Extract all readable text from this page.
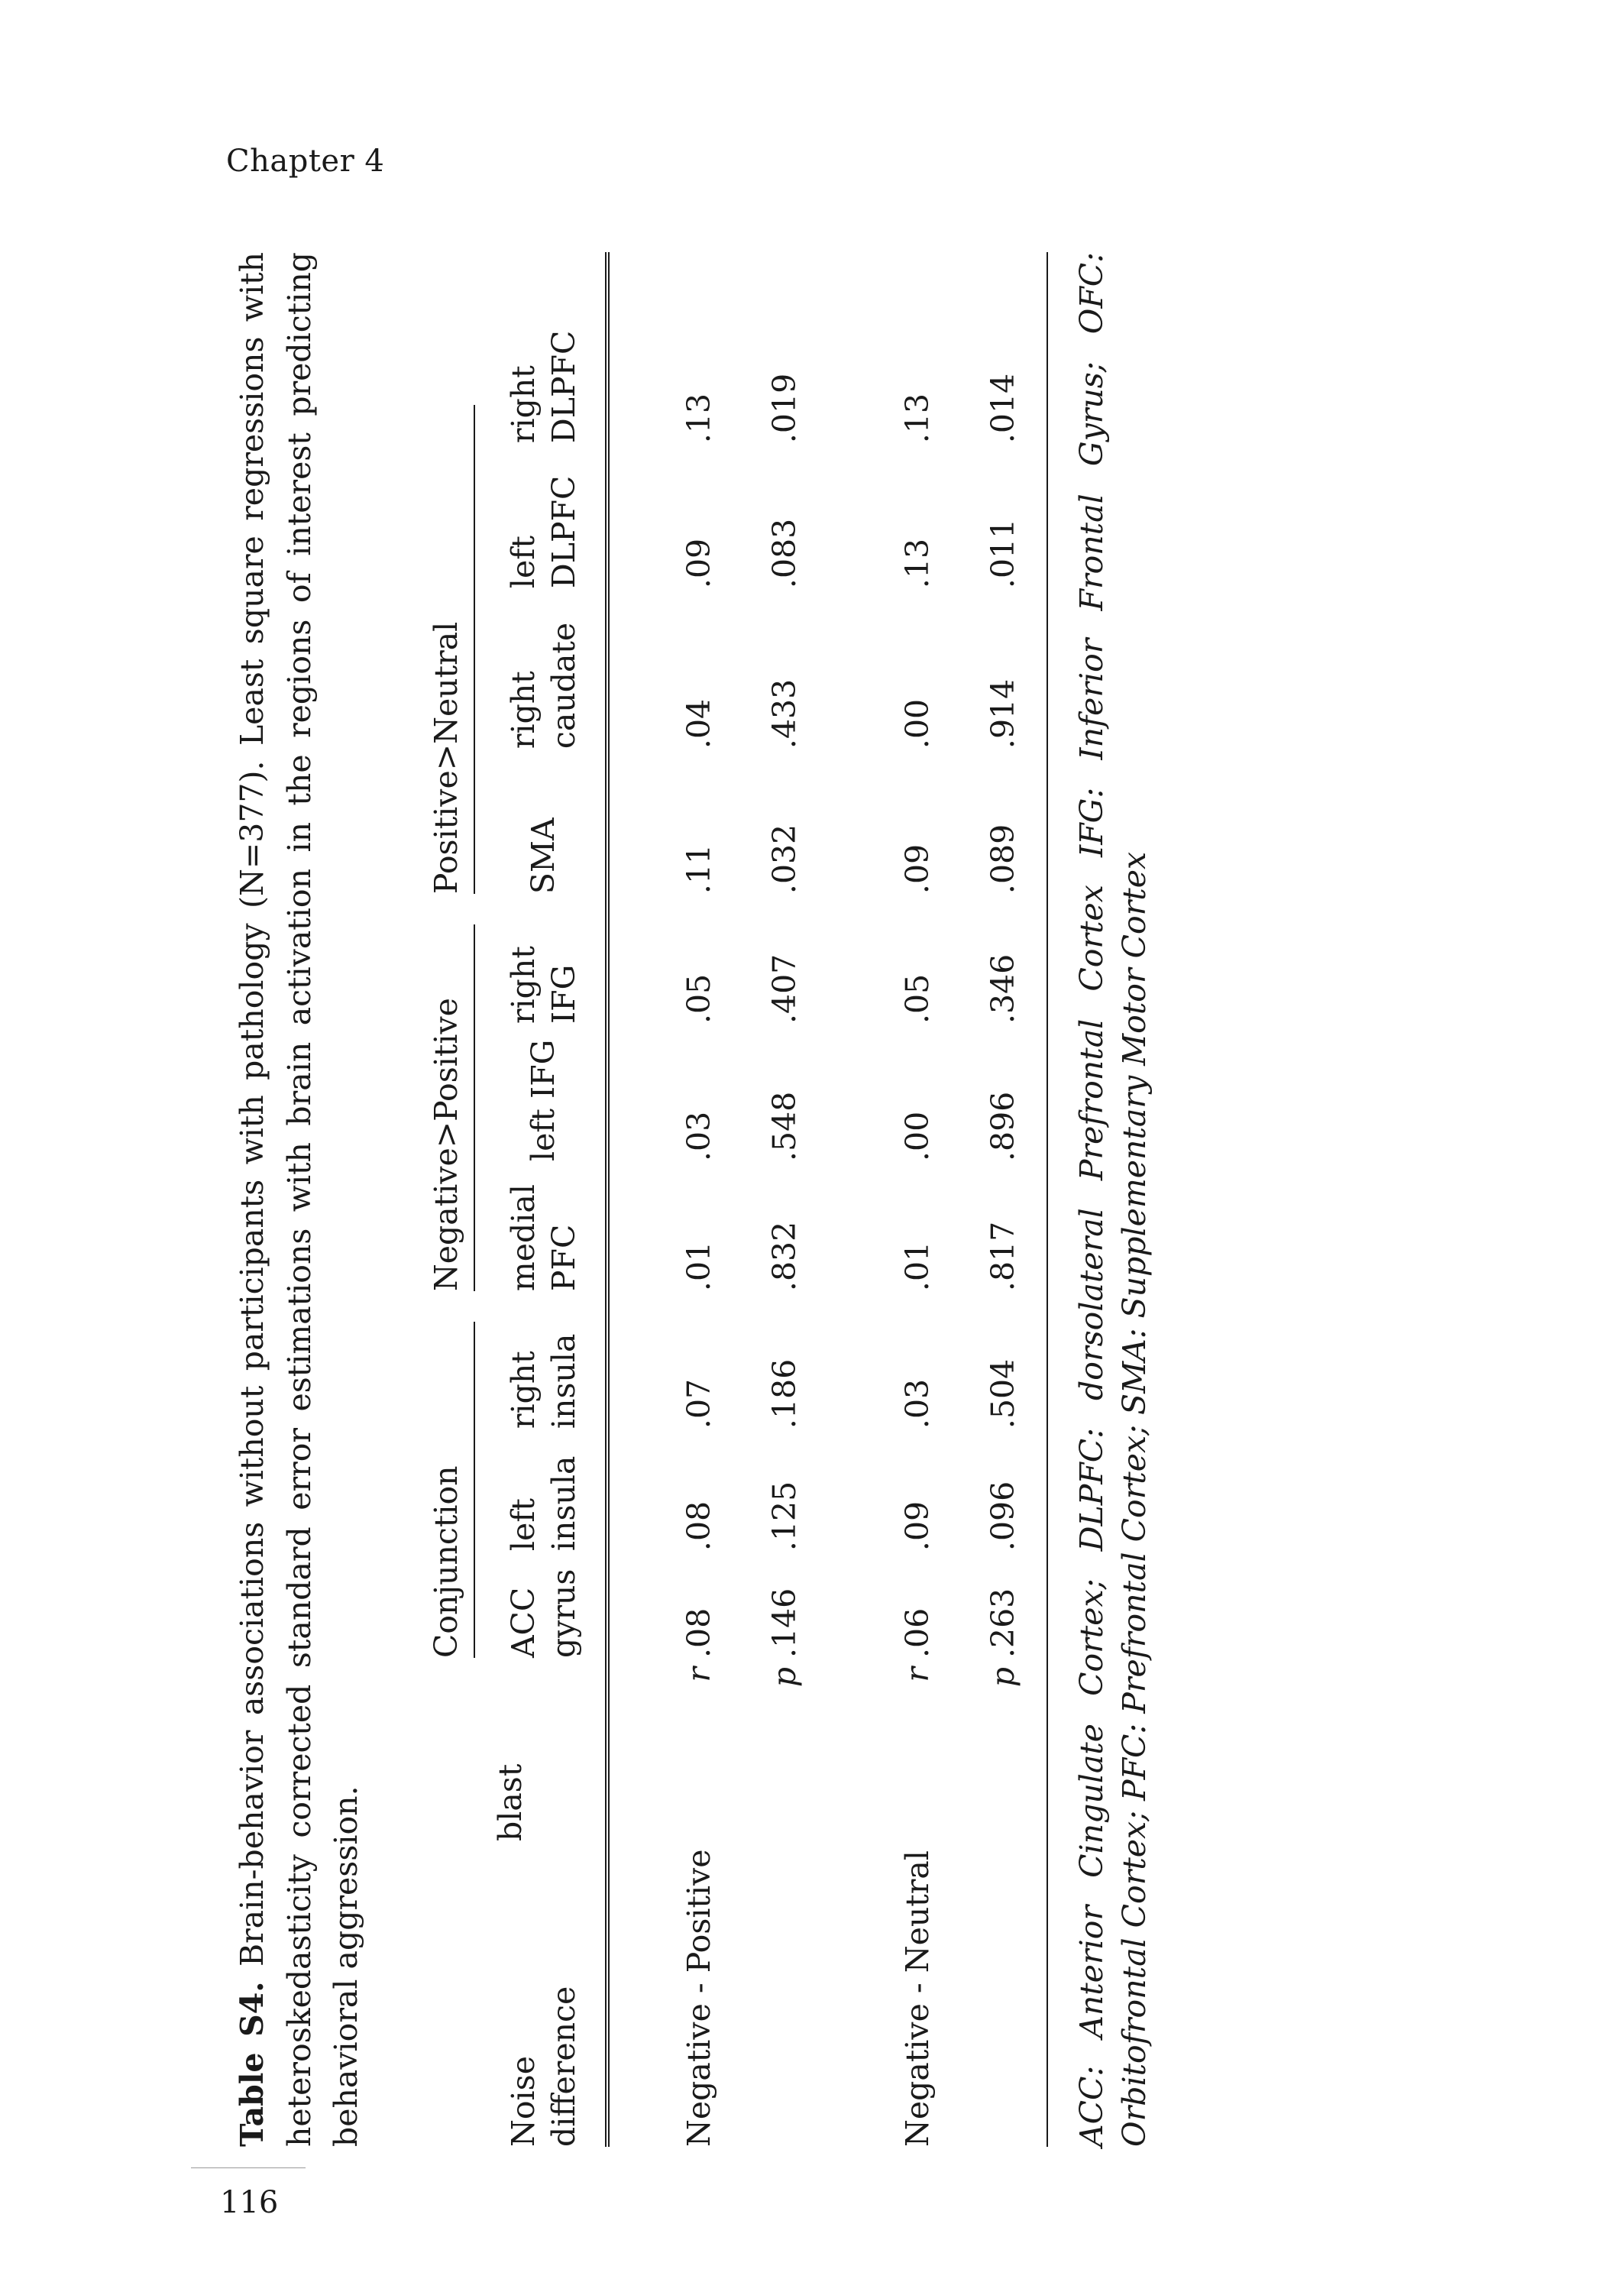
Chapter 4
116
Table S4. Brain-behavior associations without participants with pathology (N=377). Least square regressions with heteroskedasticity corrected standard error estimations with brain activation in the regions of interest predicting behavioral aggression.

			Conjunction			Negative>Positive			Positive>Neutral			

Noise difference	blast		ACC gyrus	left insula	right insula	medial PFC	left IFG	right IFG	SMA	right caudate	left DLPFC	right DLPFC

Negative - Positive		r	.08	.08	.07	.01	.03	.05	.11	.04	.09	.13
		p	.146	.125	.186	.832	.548	.407	.032	.433	.083	.019

Negative - Neutral		r	.06	.09	.03	.01	.00	.05	.09	.00	.13	.13
		p	.263	.096	.504	.817	.896	.346	.089	.914	.011	.014 ACC: Anterior Cingulate Cortex; DLPFC: dorsolateral Prefrontal Cortex IFG: Inferior Frontal Gyrus; OFC: Orbitofrontal Cortex; PFC: Prefrontal Cortex; SMA: Supplementary Motor Cortex
